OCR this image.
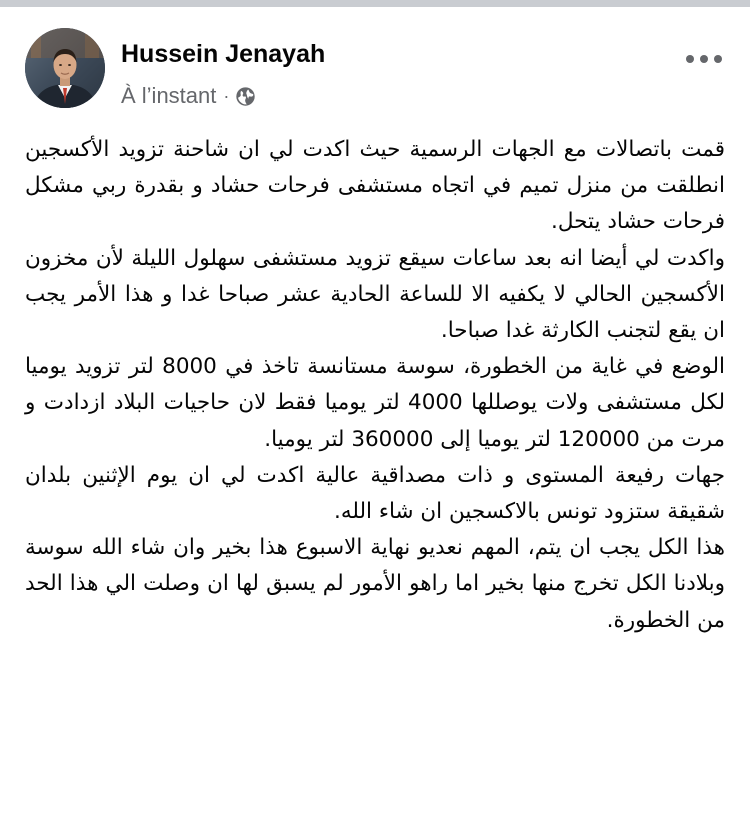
Hussein Jenayah
À l’instant ·

قمت باتصالات مع الجهات الرسمية حيث اكدت لي ان شاحنة تزويد الأكسجين انطلقت من منزل تميم في اتجاه مستشفى فرحات حشاد و بقدرة ربي مشكل فرحات حشاد يتحل.

واكدت لي أيضا انه بعد ساعات سيقع تزويد مستشفى سهلول الليلة لأن مخزون الأكسجين الحالي لا يكفيه الا للساعة الحادية عشر صباحا غدا و هذا الأمر يجب ان يقع لتجنب الكارثة غدا صباحا.

الوضع في غاية من الخطورة، سوسة مستانسة تاخذ في 8000 لتر تزويد يوميا لكل مستشفى ولات يوصللها 4000 لتر يوميا فقط لان حاجيات البلاد ازدادت و مرت من 120000 لتر يوميا إلى 360000 لتر يوميا.

جهات رفيعة المستوى و ذات مصداقية عالية اكدت لي ان يوم الإثنين بلدان شقيقة ستزود تونس بالاكسجين ان شاء الله.

هذا الكل يجب ان يتم، المهم نعديو نهاية الاسبوع هذا بخير وان شاء الله سوسة وبلادنا الكل تخرج منها بخير اما راهو الأمور لم يسبق لها ان وصلت الي هذا الحد من الخطورة.
